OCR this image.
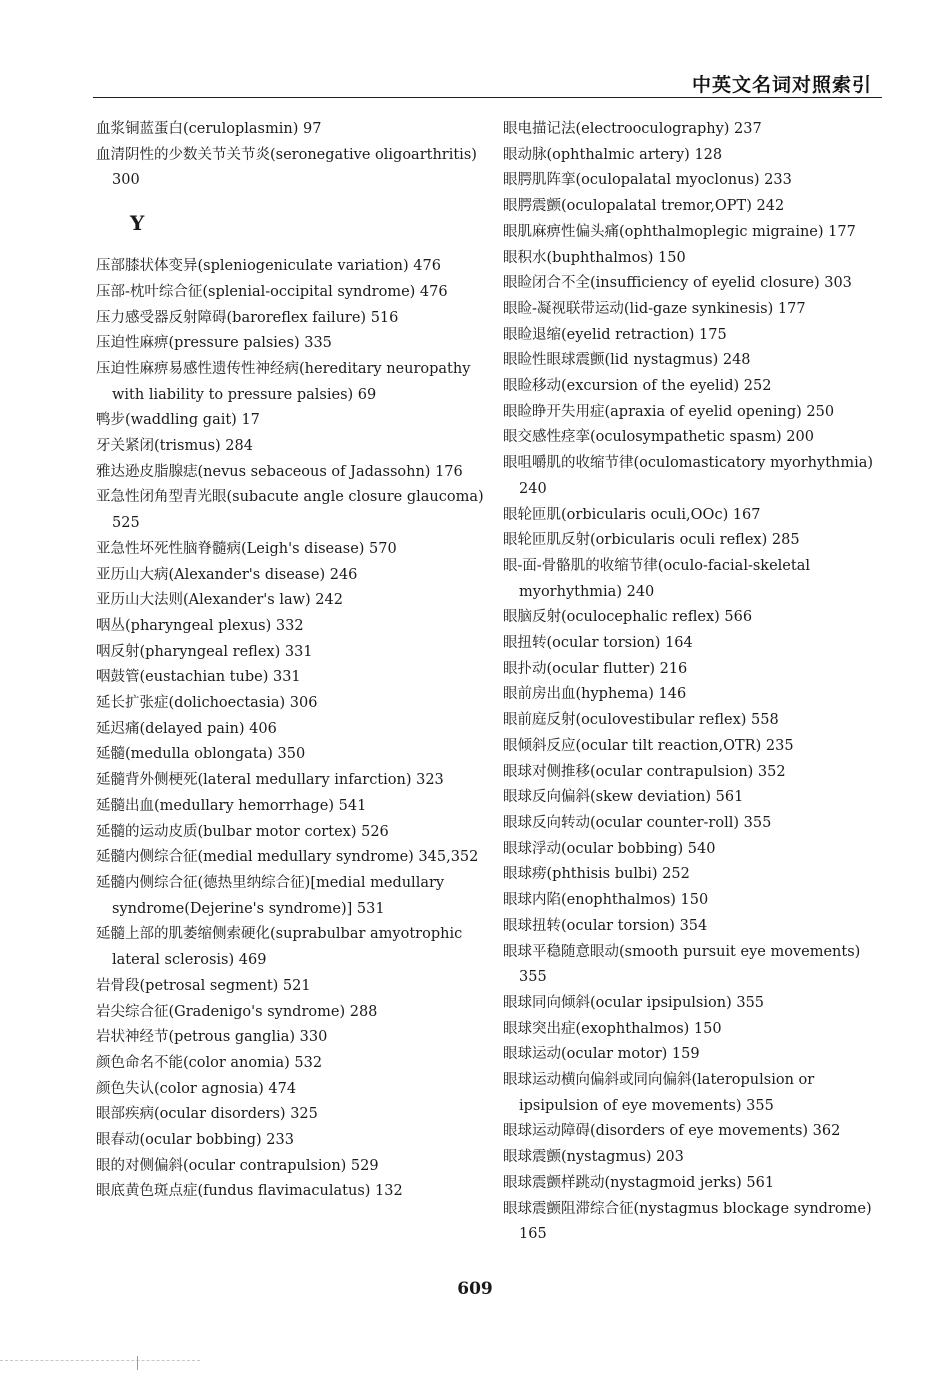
中英文名词对照索引
血浆铜蓝蛋白(ceruloplasmin) 97
血清阴性的少数关节关节炎(seronegative oligoarthritis) 300
Y
压部膝状体变异(spleniogeniculate variation) 476
压部-枕叶综合征(splenial-occipital syndrome) 476
压力感受器反射障碍(baroreflex failure) 516
压迫性麻痹(pressure palsies) 335
压迫性麻痹易感性遗传性神经病(hereditary neuropathy with liability to pressure palsies) 69
鸭步(waddling gait) 17
牙关紧闭(trismus) 284
雅达逊皮脂腺痣(nevus sebaceous of Jadassohn) 176
亚急性闭角型青光眼(subacute angle closure glaucoma) 525
亚急性坏死性脑脊髓病(Leigh's disease) 570
亚历山大病(Alexander's disease) 246
亚历山大法则(Alexander's law) 242
咽丛(pharyngeal plexus) 332
咽反射(pharyngeal reflex) 331
咽鼓管(eustachian tube) 331
延长扩张症(dolichoectasia) 306
延迟痛(delayed pain) 406
延髓(medulla oblongata) 350
延髓背外侧梗死(lateral medullary infarction) 323
延髓出血(medullary hemorrhage) 541
延髓的运动皮质(bulbar motor cortex) 526
延髓内侧综合征(medial medullary syndrome) 345,352
延髓内侧综合征(德热里纳综合征)[medial medullary syndrome(Dejerine's syndrome)] 531
延髓上部的肌萎缩侧索硬化(suprabulbar amyotrophic lateral sclerosis) 469
岩骨段(petrosal segment) 521
岩尖综合征(Gradenigo's syndrome) 288
岩状神经节(petrous ganglia) 330
颜色命名不能(color anomia) 532
颜色失认(color agnosia) 474
眼部疾病(ocular disorders) 325
眼春动(ocular bobbing) 233
眼的对侧偏斜(ocular contrapulsion) 529
眼底黄色斑点症(fundus flavimaculatus) 132
眼电描记法(electrooculography) 237
眼动脉(ophthalmic artery) 128
眼腭肌阵挛(oculopalatal myoclonus) 233
眼腭震颤(oculopalatal tremor,OPT) 242
眼肌麻痹性偏头痛(ophthalmoplegic migraine) 177
眼积水(buphthalmos) 150
眼睑闭合不全(insufficiency of eyelid closure) 303
眼睑-凝视联带运动(lid-gaze synkinesis) 177
眼睑退缩(eyelid retraction) 175
眼睑性眼球震颤(lid nystagmus) 248
眼睑移动(excursion of the eyelid) 252
眼睑睁开失用症(apraxia of eyelid opening) 250
眼交感性痉挛(oculosympathetic spasm) 200
眼咀嚼肌的收缩节律(oculomasticatory myorhythmia) 240
眼轮匝肌(orbicularis oculi,OOc) 167
眼轮匝肌反射(orbicularis oculi reflex) 285
眼-面-骨骼肌的收缩节律(oculo-facial-skeletal myorhythmia) 240
眼脑反射(oculocephalic reflex) 566
眼扭转(ocular torsion) 164
眼扑动(ocular flutter) 216
眼前房出血(hyphema) 146
眼前庭反射(oculovestibular reflex) 558
眼倾斜反应(ocular tilt reaction,OTR) 235
眼球对侧推移(ocular contrapulsion) 352
眼球反向偏斜(skew deviation) 561
眼球反向转动(ocular counter-roll) 355
眼球浮动(ocular bobbing) 540
眼球痨(phthisis bulbi) 252
眼球内陷(enophthalmos) 150
眼球扭转(ocular torsion) 354
眼球平稳随意眼动(smooth pursuit eye movements) 355
眼球同向倾斜(ocular ipsipulsion) 355
眼球突出症(exophthalmos) 150
眼球运动(ocular motor) 159
眼球运动横向偏斜或同向偏斜(lateropulsion or ipsipulsion of eye movements) 355
眼球运动障碍(disorders of eye movements) 362
眼球震颤(nystagmus) 203
眼球震颤样跳动(nystagmoid jerks) 561
眼球震颤阻滞综合征(nystagmus blockage syndrome) 165
609
